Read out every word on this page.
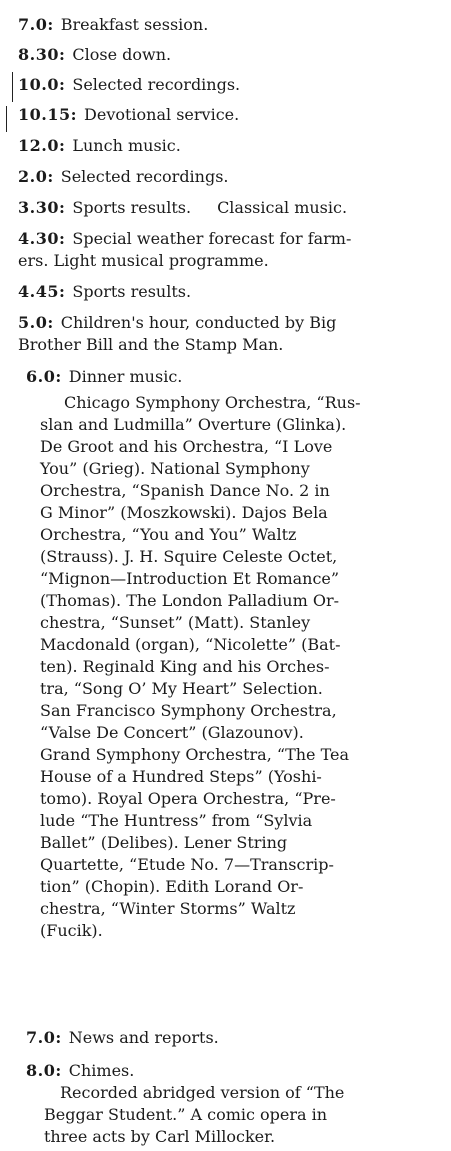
7.0: Breakfast session.
8.30: Close down.
10.0: Selected recordings.
10.15: Devotional service.
12.0: Lunch music.
2.0: Selected recordings.
3.30: Sports results. Classical music.
4.30: Special weather forecast for farm-
ers. Light musical programme.
4.45: Sports results.
5.0: Children's hour, conducted by Big
Brother Bill and the Stamp Man.
6.0: Dinner music.
Chicago Symphony Orchestra, “Rus-
slan and Ludmilla” Overture (Glinka).
De Groot and his Orchestra, “I Love
You” (Grieg). National Symphony
Orchestra, “Spanish Dance No. 2 in
G Minor” (Moszkowski). Dajos Bela
Orchestra, “You and You” Waltz
(Strauss). J. H. Squire Celeste Octet,
“Mignon—Introduction Et Romance”
(Thomas). The London Palladium Or-
chestra, “Sunset” (Matt). Stanley
Macdonald (organ), “Nicolette” (Bat-
ten). Reginald King and his Orches-
tra, “Song O’ My Heart” Selection.
San Francisco Symphony Orchestra,
“Valse De Concert” (Glazounov).
Grand Symphony Orchestra, “The Tea
House of a Hundred Steps” (Yoshi-
tomo). Royal Opera Orchestra, “Pre-
lude “The Huntress” from “Sylvia
Ballet” (Delibes). Lener String
Quartette, “Etude No. 7—Transcrip-
tion” (Chopin). Edith Lorand Or-
chestra, “Winter Storms” Waltz
(Fucik).
7.0: News and reports.
8.0: Chimes.
Recorded abridged version of “The
Beggar Student.” A comic opera in
three acts by Carl Millocker.
